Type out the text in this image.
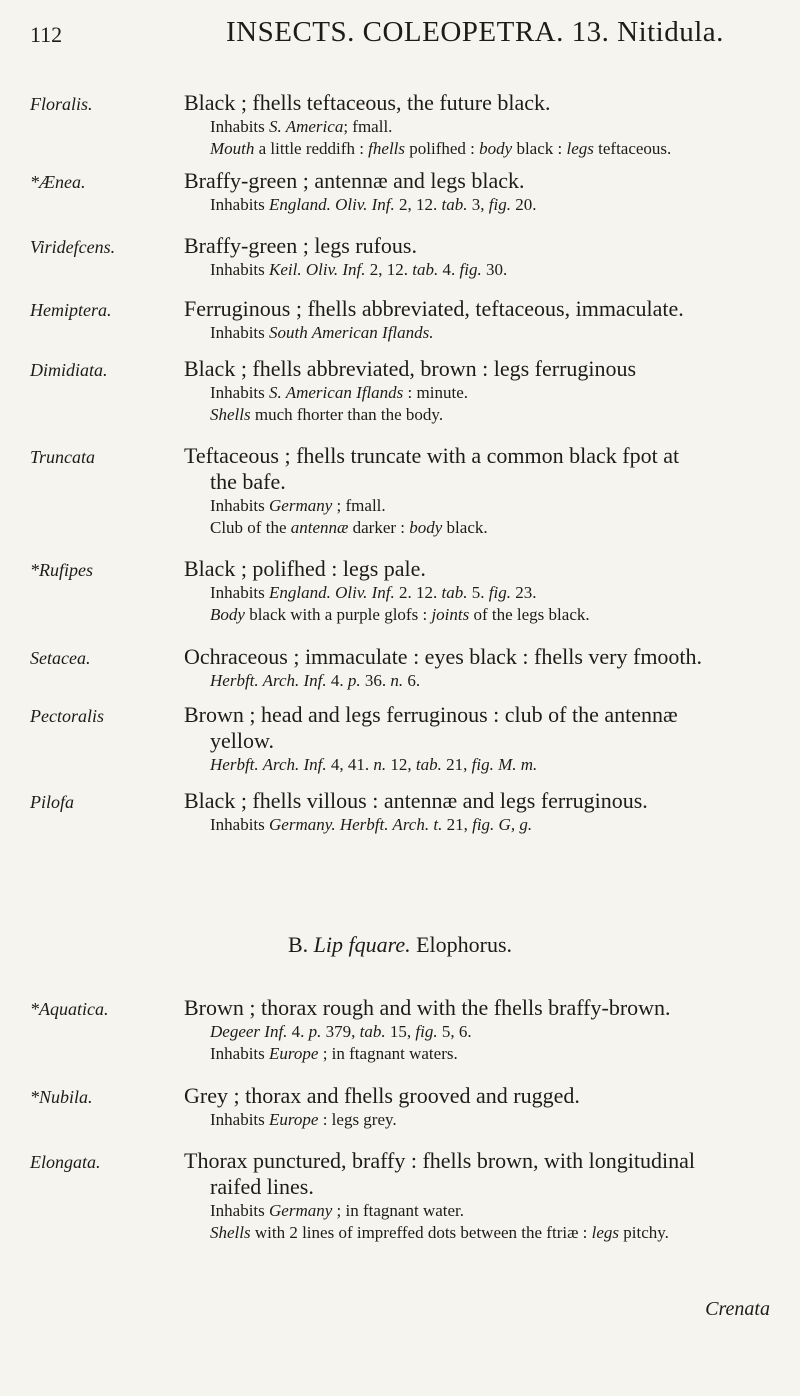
112	INSECTS. COLEOPETRA. 13. Nitidula.
Floralis.	Black ; fhells teftaceous, the future black.
Inhabits S. America; fmall.
Mouth a little reddifh : fhells polifhed : body black : legs teftaceous.
*Ænea.	Braffy-green ; antennæ and legs black.
Inhabits England. Oliv. Inf. 2, 12. tab. 3, fig. 20.
Viridefcens.	Braffy-green ; legs rufous.
Inhabits Keil. Oliv. Inf. 2, 12. tab. 4. fig. 30.
Hemiptera.	Ferruginous ; fhells abbreviated, teftaceous, immaculate.
Inhabits South American Iflands.
Dimidiata.	Black ; fhells abbreviated, brown : legs ferruginous
Inhabits S. American Iflands : minute.
Shells much fhorter than the body.
Truncata	Teftaceous ; fhells truncate with a common black fpot at
the bafe.
Inhabits Germany ; fmall.
Club of the antennæ darker : body black.
*Rufipes	Black ; polifhed : legs pale.
Inhabits England. Oliv. Inf. 2. 12. tab. 5. fig. 23.
Body black with a purple glofs : joints of the legs black.
Setacea.	Ochraceous ; immaculate : eyes black : fhells very fmooth.
Herbft. Arch. Inf. 4. p. 36. n. 6.
Pectoralis	Brown ; head and legs ferruginous : club of the antennæ
yellow.
Herbft. Arch. Inf. 4, 41. n. 12, tab. 21, fig. M. m.
Pilofa	Black ; fhells villous : antennæ and legs ferruginous.
Inhabits Germany. Herbft. Arch. t. 21, fig. G, g.
B. Lip fquare. Elophorus.
*Aquatica.	Brown ; thorax rough and with the fhells braffy-brown.
Degeer Inf. 4. p. 379, tab. 15, fig. 5, 6.
Inhabits Europe ; in ftagnant waters.
*Nubila.	Grey ; thorax and fhells grooved and rugged.
Inhabits Europe : legs grey.
Elongata.	Thorax punctured, braffy : fhells brown, with longitudinal
raifed lines.
Inhabits Germany ; in ftagnant water.
Shells with 2 lines of impreffed dots between the ftriæ : legs pitchy.
Crenata
